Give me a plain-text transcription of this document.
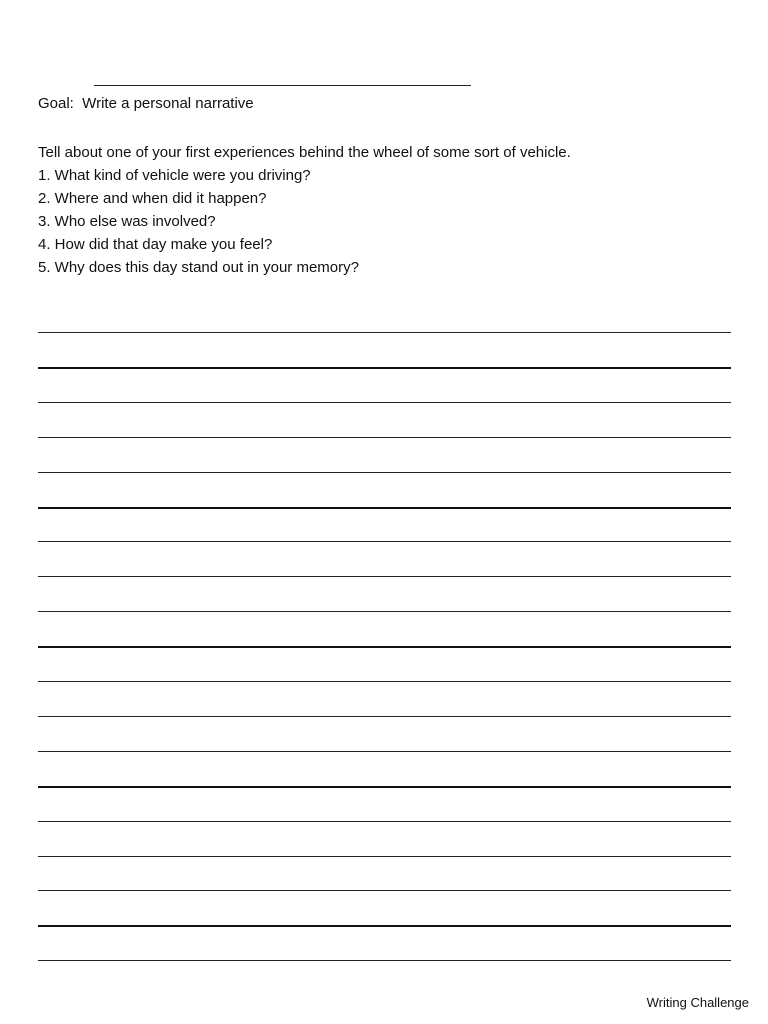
Goal:  Write a personal narrative
Tell about one of your first experiences behind the wheel of some sort of vehicle.
1. What kind of vehicle were you driving?
2. Where and when did it happen?
3. Who else was involved?
4. How did that day make you feel?
5. Why does this day stand out in your memory?
Writing Challenge
